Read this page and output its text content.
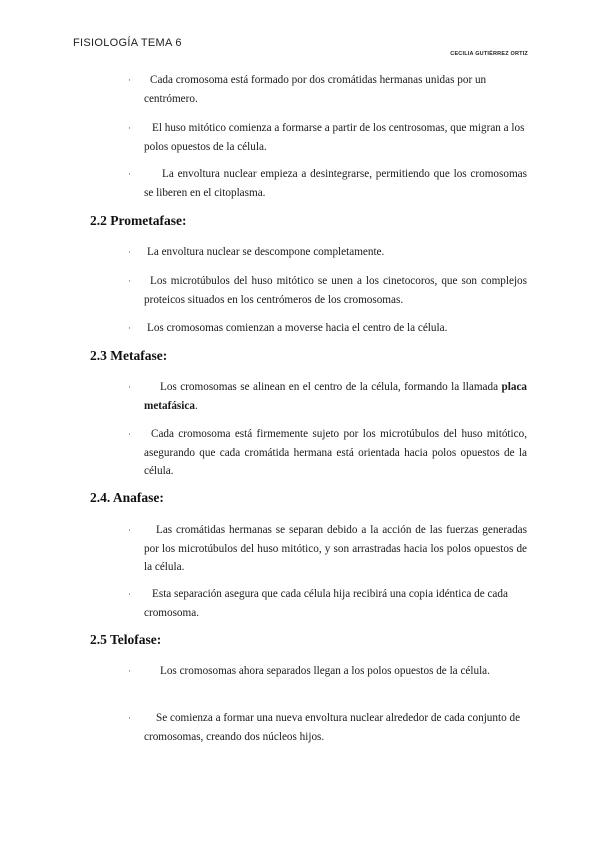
FISIOLOGÍA TEMA 6
CECILIA GUTIÉRREZ ORTIZ
·	Cada cromosoma está formado por dos cromátidas hermanas unidas por un centrómero.
·	El huso mitótico comienza a formarse a partir de los centrosomas, que migran a los polos opuestos de la célula.
·	La envoltura nuclear empieza a desintegrarse, permitiendo que los cromosomas se liberen en el citoplasma.
2.2 Prometafase:
· La envoltura nuclear se descompone completamente.
·	Los microtúbulos del huso mitótico se unen a los cinetocoros, que son complejos proteicos situados en los centrómeros de los cromosomas.
· Los cromosomas comienzan a moverse hacia el centro de la célula.
2.3 Metafase:
·	Los cromosomas se alinean en el centro de la célula, formando la llamada placa metafásica.
·	Cada cromosoma está firmemente sujeto por los microtúbulos del huso mitótico, asegurando que cada cromátida hermana está orientada hacia polos opuestos de la célula.
2.4. Anafase:
·	Las cromátidas hermanas se separan debido a la acción de las fuerzas generadas por los microtúbulos del huso mitótico, y son arrastradas hacia los polos opuestos de la célula.
·	Esta separación asegura que cada célula hija recibirá una copia idéntica de cada cromosoma.
2.5 Telofase:
·	Los cromosomas ahora separados llegan a los polos opuestos de la célula.
·	Se comienza a formar una nueva envoltura nuclear alrededor de cada conjunto de cromosomas, creando dos núcleos hijos.
